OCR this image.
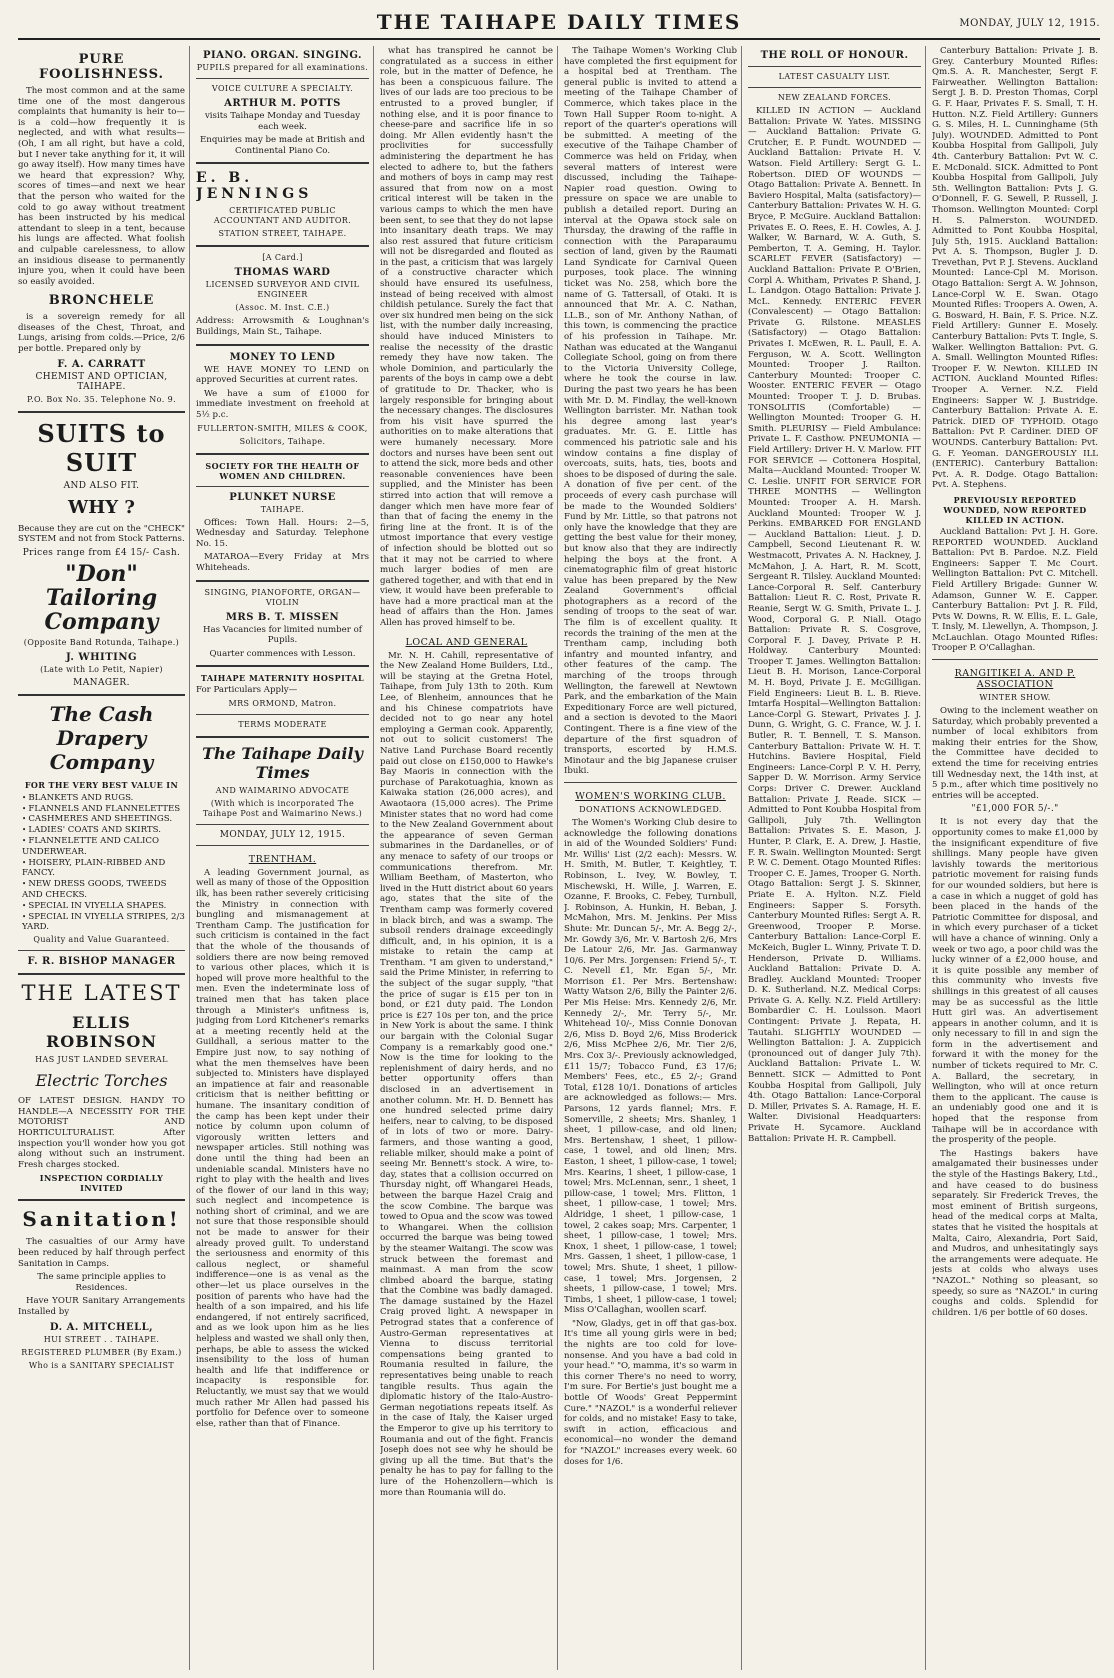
THE TAIHAPE DAILY TIMES	MONDAY, JULY 12, 1915.
PURE FOOLISHNESS.

The most common and at the same time one of the most dangerous complaints that humanity is heir to—is a cold—how frequently it is neglected, and with what results—(Oh, I am all right, but have a cold, but I never take anything for it, it will go away itself). How many times have we heard that expression? Why, scores of times—and next we hear that the person who waited for the cold to go away without treatment has been instructed by his medical attendant to sleep in a tent, because his lungs are affected. What foolish and culpable carelessness, to allow an insidious disease to permanently injure you, when it could have been so easily avoided.

BRONCHELE

is a sovereign remedy for all diseases of the Chest, Throat, and Lungs, arising from colds.—Price, 2/6 per bottle. Prepared only by

F. A. CARRATT
CHEMIST AND OPTICIAN, TAIHAPE.
P.O. Box No. 35. Telephone No. 9.
SUITS to SUIT
AND ALSO FIT.
WHY ?

Because they are cut on the "CHECK" SYSTEM and not from Stock Patterns.

Prices range from £4 15/- Cash.
"Don" Tailoring Company
(Opposite Band Rotunda, Taihape.)
J. WHITING
(Late with Lo Petit, Napier)
MANAGER.
The Cash Drapery Company
FOR THE VERY BEST VALUE IN
• BLANKETS AND RUGS.
• FLANNELS AND FLANNELETTES
• CASHMERES AND SHEETINGS.
• LADIES' COATS AND SKIRTS.
• FLANNELETTE AND CALICO UNDERWEAR.
• HOISERY, PLAIN-RIBBED AND FANCY.
• NEW DRESS GOODS, TWEEDS AND CHECKS.
• SPECIAL IN VIYELLA SHAPES.
• SPECIAL IN VIYELLA STRIPES, 2/3 YARD.
Quality and Value Guaranteed.
F. R. BISHOP MANAGER
THE LATEST
ELLIS ROBINSON
HAS JUST LANDED SEVERAL
Electric Torches

OF LATEST DESIGN. HANDY TO HANDLE—A NECESSITY FOR THE MOTORIST AND HORTICULTURALIST. After inspection you'll wonder how you got along without such an instrument. Fresh charges stocked.

INSPECTION CORDIALLY INVITED
Sanitation!

The casualties of our Army have been reduced by half through perfect Sanitation in Camps.

The same principle applies to Residences.

Have YOUR Sanitary Arrangements Installed by

D. A. MITCHELL,
HUI STREET . . TAIHAPE.
REGISTERED PLUMBER (By Exam.)
Who is a SANITARY SPECIALIST
PIANO. ORGAN. SINGING.
PUPILS prepared for all examinations.
VOICE CULTURE A SPECIALTY.
ARTHUR M. POTTS

visits Taihape Monday and Tuesday each week.

Enquiries may be made at British and Continental Piano Co.

E. B. JENNINGS
CERTIFICATED PUBLIC ACCOUNTANT AND AUDITOR.
STATION STREET, TAIHAPE.
[A Card.]
THOMAS WARD
LICENSED SURVEYOR AND CIVIL ENGINEER
(Assoc. M. Inst. C.E.)

Address: Arrowsmith & Loughnan's Buildings, Main St., Taihape.

MONEY TO LEND

WE HAVE MONEY TO LEND on approved Securities at current rates.

We have a sum of £1000 for immediate investment on freehold at 5½ p.c.

FULLERTON-SMITH, MILES & COOK,
Solicitors, Taihape.
SOCIETY FOR THE HEALTH OF WOMEN AND CHILDREN.
PLUNKET NURSE
TAIHAPE.

Offices: Town Hall. Hours: 2—5, Wednesday and Saturday. Telephone No. 15.

MATAROA—Every Friday at Mrs Whiteheads.

SINGING, PIANOFORTE, ORGAN—VIOLIN
MRS B. T. MISSEN

Has Vacancies for limited number of Pupils.

Quarter commences with Lesson.

TAIHAPE MATERNITY HOSPITAL

For Particulars Apply—

MRS ORMOND, Matron.
TERMS MODERATE
The Taihape Daily Times
AND WAIMARINO ADVOCATE
(With which is incorporated The Taihape Post and Waimarino News.)
MONDAY, JULY 12, 1915.
TRENTHAM.

A leading Government journal, as well as many of those of the Opposition ilk, has been rather severely criticising the Ministry in connection with bungling and mismanagement at Trentham Camp. The justification for such criticism is contained in the fact that the whole of the thousands of soldiers there are now being removed to various other places, which it is hoped will prove more healthful to the men. Even the indeterminate loss of trained men that has taken place through a Minister's unfitness is, judging from Lord Kitchener's remarks at a meeting recently held at the Guildhall, a serious matter to the Empire just now, to say nothing of what the men themselves have been subjected to. Ministers have displayed an impatience at fair and reasonable criticism that is neither befitting or humane. The insanitary condition of the camp has been kept under their notice by column upon column of vigorously written letters and newspaper articles. Still nothing was done until the thing had been an undeniable scandal. Ministers have no right to play with the health and lives of the flower of our land in this way; such neglect and incompetence is nothing short of criminal, and we are not sure that those responsible should not be made to answer for their already proved guilt. To understand the seriousness and enormity of this callous neglect, or shameful indifference—one is as venal as the other—let us place ourselves in the position of parents who have had the health of a son impaired, and his life endangered, if not entirely sacrificed, and as we look upon him as he lies helpless and wasted we shall only then, perhaps, be able to assess the wicked insensibility to the loss of human health and life that indifference or incapacity is responsible for. Reluctantly, we must say that we would much rather Mr Allen had passed his portfolio for Defence over to someone else, rather than that of Finance.

what has transpired he cannot be congratulated as a success in either role, but in the matter of Defence, he has been a conspicuous failure. The lives of our lads are too precious to be entrusted to a proved bungler, if nothing else, and it is poor finance to cheese-pare and sacrifice life in so doing. Mr Allen evidently hasn't the proclivities for successfully administering the department he has elected to adhere to, but the fathers and mothers of boys in camp may rest assured that from now on a most critical interest will be taken in the various camps to which the men have been sent, to see that they do not lapse into insanitary death traps. We may also rest assured that future criticism will not be disregarded and flouted as in the past, a criticism that was largely of a constructive character which should have ensured its usefulness, instead of being received with almost childish petulance. Surely the fact that over six hundred men being on the sick list, with the number daily increasing, should have induced Ministers to realise the necessity of the drastic remedy they have now taken. The whole Dominion, and particularly the parents of the boys in camp owe a debt of gratitude to Dr. Thacker, who is largely responsible for bringing about the necessary changes. The disclosures from his visit have spurred the authorities on to make alterations that were humanely necessary. More doctors and nurses have been sent out to attend the sick, more beds and other reasonable conveniences have been supplied, and the Minister has been stirred into action that will remove a danger which men have more fear of than that of facing the enemy in the firing line at the front. It is of the utmost importance that every vestige of infection should be blotted out so that it may not be carried to where much larger bodies of men are gathered together, and with that end in view, it would have been preferable to have had a more practical man at the head of affairs than the Hon. James Allen has proved himself to be.

LOCAL AND GENERAL

Mr. N. H. Cahill, representative of the New Zealand Home Builders, Ltd., will be staying at the Gretna Hotel, Taihape, from July 13th to 20th. Kum Lee, of Blenheim, announces that he and his Chinese compatriots have decided not to go near any hotel employing a German cook. Apparently, not out to solicit customers! The Native Land Purchase Board recently paid out close on £150,000 to Hawke's Bay Maoris in connection with the purchase of Parakotuaghia, known as Kaiwaka station (26,000 acres), and Awaotaora (15,000 acres). The Prime Minister states that no word had come to the New Zealand Government about the appearance of seven German submarines in the Dardanelles, or of any menace to safety of our troops or communications therefrom. Mr. William Beetham, of Masterton, who lived in the Hutt district about 60 years ago, states that the site of the Trentham camp was formerly covered in black birch, and was a swamp. The subsoil renders drainage exceedingly difficult, and, in his opinion, it is a mistake to retain the camp at Trentham. "I am given to understand," said the Prime Minister, in referring to the subject of the sugar supply, "that the price of sugar is £15 per ton in bond, or £21 duty paid. The London price is £27 10s per ton, and the price in New York is about the same. I think our bargain with the Colonial Sugar Company is a remarkably good one." Now is the time for looking to the replenishment of dairy herds, and no better opportunity offers than disclosed in an advertisement in another column. Mr. H. D. Bennett has one hundred selected prime dairy heifers, near to calving, to be disposed of in lots of two or more. Dairy-farmers, and those wanting a good, reliable milker, should make a point of seeing Mr. Bennett's stock. A wire, to-day, states that a collision occurred on Thursday night, off Whangarei Heads, between the barque Hazel Craig and the scow Combine. The barque was towed to Opua and the scow was towed to Whangarei. When the collision occurred the barque was being towed by the steamer Waitangi. The scow was struck between the foremast and mainmast. A man from the scow climbed aboard the barque, stating that the Combine was badly damaged. The damage sustained by the Hazel Craig proved light. A newspaper in Petrograd states that a conference of Austro-German representatives at Vienna to discuss territorial compensations being granted to Roumania resulted in failure, the representatives being unable to reach tangible results. Thus again the diplomatic history of the Italo-Austro-German negotiations repeats itself. As in the case of Italy, the Kaiser urged the Emperor to give up his territory to Roumania and out of the fight. Francis Joseph does not see why he should be giving up all the time. But that's the penalty he has to pay for falling to the lure of the Hohenzollern—which is more than Roumania will do.

The Taihape Women's Working Club have completed the first equipment for a hospital bed at Trentham. The general public is invited to attend a meeting of the Taihape Chamber of Commerce, which takes place in the Town Hall Supper Room to-night. A report of the quarter's operations will be submitted. A meeting of the executive of the Taihape Chamber of Commerce was held on Friday, when several matters of interest were discussed, including the Taihape-Napier road question. Owing to pressure on space we are unable to publish a detailed report. During an interval at the Opawa stock sale on Thursday, the drawing of the raffle in connection with the Paraparaumu section of land, given by the Raumati Land Syndicate for Carnival Queen purposes, took place. The winning ticket was No. 258, which bore the name of G. Tattersall, of Otaki. It is announced that Mr. A. C. Nathan, LL.B., son of Mr. Anthony Nathan, of this town, is commencing the practice of his profession in Taihape. Mr. Nathan was educated at the Wanganui Collegiate School, going on from there to the Victoria University College, where he took the course in law. During the past two years he has been with Mr. D. M. Findlay, the well-known Wellington barrister. Mr. Nathan took his degree among last year's graduates. Mr. G. E. Little has commenced his patriotic sale and his window contains a fine display of overcoats, suits, hats, ties, boots and shoes to be disposed of during the sale. A donation of five per cent. of the proceeds of every cash purchase will be made to the Wounded Soldiers' Fund by Mr. Little, so that patrons not only have the knowledge that they are getting the best value for their money, but know also that they are indirectly helping the boys at the front. A cinematographic film of great historic value has been prepared by the New Zealand Government's official photographers as a record of the sending of troops to the seat of war. The film is of excellent quality. It records the training of the men at the Trentham camp, including both infantry and mounted infantry, and other features of the camp. The marching of the troops through Wellington, the farewell at Newtown Park, and the embarkation of the Main Expeditionary Force are well pictured, and a section is devoted to the Maori Contingent. There is a fine view of the departure of the first squadron of transports, escorted by H.M.S. Minotaur and the big Japanese cruiser Ibuki.

WOMEN'S WORKING CLUB.
DONATIONS ACKNOWLEDGED.

The Women's Working Club desire to acknowledge the following donations in aid of the Wounded Soldiers' Fund: Mr. Willis' List (2/2 each): Messrs. W. H. Smith, M. Butler, T. Keightley, T. Robinson, L. Ivey, W. Bowley, T. Mischewski, H. Wille, J. Warren, E. Ozanne, F. Brooks, C. Febey, Turnbull, J. Robinson, A. Hunkin, H. Beban, J. McMahon, Mrs. M. Jenkins. Per Miss Shute: Mr. Duncan 5/-, Mr. A. Begg 2/-, Mr. Gowdy 3/6, Mr. V. Bartosh 2/6, Mrs De Latour 2/6, Mr. Jas. Garmanway 10/6. Per Mrs. Jorgensen: Friend 5/-, T. C. Nevell £1, Mr. Egan 5/-, Mr. Morrison £1. Per Mrs. Bertenshaw: Watty Watson 2/6, Billy the Painter 2/6. Per Mis Heise: Mrs. Kennedy 2/6, Mr. Kennedy 2/-, Mr. Terry 5/-, Mr. Whitehead 10/-, Miss Connie Donovan 2/6, Miss D. Boyd 2/6, Miss Broderick 2/6, Miss McPhee 2/6, Mr. Tier 2/6, Mrs. Cox 3/-. Previously acknowledged, £11 15/7; Tobacco Fund, £3 17/6; Members' Fees, etc., £5 2/-; Grand Total, £128 10/1. Donations of articles are acknowledged as follows:— Mrs. Parsons, 12 yards flannel; Mrs. F. Somerville, 2 sheets; Mrs. Shanley, 1 sheet, 1 pillow-case, and old linen; Mrs. Bertenshaw, 1 sheet, 1 pillow-case, 1 towel, and old linen; Mrs. Easton, 1 sheet, 1 pillow-case, 1 towel; Mrs. Kearins, 1 sheet, 1 pillow-case, 1 towel; Mrs. McLennan, senr., 1 sheet, 1 pillow-case, 1 towel; Mrs. Flitton, 1 sheet, 1 pillow-case, 1 towel; Mrs. Aldridge, 1 sheet, 1 pillow-case, 1 towel, 2 cakes soap; Mrs. Carpenter, 1 sheet, 1 pillow-case, 1 towel; Mrs. Knox, 1 sheet, 1 pillow-case, 1 towel; Mrs. Gassen, 1 sheet, 1 pillow-case, 1 towel; Mrs. Shute, 1 sheet, 1 pillow-case, 1 towel; Mrs. Jorgensen, 2 sheets, 1 pillow-case, 1 towel; Mrs. Timbs, 1 sheet, 1 pillow-case, 1 towel; Miss O'Callaghan, woollen scarf.

"Now, Gladys, get in off that gas-box. It's time all young girls were in bed; the nights are too cold for love-nonsense. And you have a bad cold in your head." "O, mamma, it's so warm in this corner There's no need to worry, I'm sure. For Bertie's just bought me a bottle Of Woods' Great Peppermint Cure." "NAZOL" is a wonderful reliever for colds, and no mistake! Easy to take, swift in action, efficacious and economical—no wonder the demand for "NAZOL" increases every week. 60 doses for 1/6.

THE ROLL OF HONOUR.
LATEST CASUALTY LIST.
NEW ZEALAND FORCES.

KILLED IN ACTION — Auckland Battalion: Private W. Yates. MISSING — Auckland Battalion: Private G. Crutcher, E. P. Fundt. WOUNDED — Auckland Battalion: Private H. V. Watson. Field Artillery: Sergt G. L. Robertson. DIED OF WOUNDS — Otago Battalion: Private A. Bennett. In Baviero Hospital, Malta (satisfactory)—Canterbury Battalion: Privates W. H. G. Bryce, P. McGuire. Auckland Battalion: Privates E. O. Rees, E. H. Cowles, A. J. Walker, W. Barnard, W. A. Guth, S. Pemberton, T. A. Geming, H. Taylor. SCARLET FEVER (Satisfactory) — Auckland Battalion: Private P. O'Brien, Corpl A. Whitham, Privates P. Shand, J. L. Landgon. Otago Battalion: Private J. McL. Kennedy. ENTERIC FEVER (Convalescent) — Otago Battalion: Private G. Rilstone. MEASLES (Satisfactory) — Otago Battalion: Privates I. McEwen, R. L. Paull, E. A. Ferguson, W. A. Scott. Wellington Mounted: Trooper J. Railton. Canterbury Mounted: Trooper C. Wooster. ENTERIC FEVER — Otago Mounted: Trooper T. J. D. Brubas. TONSOLITIS (Comfortable) — Wellington Mounted: Trooper G. H. Smith. PLEURISY — Field Ambulance: Private L. F. Casthow. PNEUMONIA — Field Artillery: Driver H. V. Marlow. FIT FOR SERVICE — Cottonera Hospital, Malta—Auckland Mounted: Trooper W. C. Leslie. UNFIT FOR SERVICE FOR THREE MONTHS — Wellington Mounted: Trooper A. H. Marsh. Auckland Mounted: Trooper W. J. Perkins. EMBARKED FOR ENGLAND — Auckland Battalion: Lieut. J. D. Campbell, Second Lieutenant R. W. Westmacott, Privates A. N. Hackney, J. McMahon, J. A. Hart, R. M. Scott, Sergeant R. Tilsley. Auckland Mounted: Lance-Corporal R. Self. Canterbury Battalion: Lieut R. C. Rost, Private R. Reanie, Sergt W. G. Smith, Private L. J. Wood, Corporal G. P. Niall. Otago Battalion: Private R. S. Cosgrove, Corporal F. J. Davey, Private P. H. Holdway. Canterbury Mounted: Trooper T. James. Wellington Battalion: Lieut B. H. Morison, Lance-Corporal M. H. Boyd, Private J. E. McGilligan. Field Engineers: Lieut B. L. B. Rieve. Imtarfa Hospital—Wellington Battalion: Lance-Corpl G. Stewart, Privates J. J. Dunn, G. Wright, G. C. France, W. J. I. Butler, R. T. Bennell, T. S. Manson. Canterbury Battalion: Private W. H. T. Hutchins. Baviere Hospital, Field Engineers: Lance-Corpl P. V. H. Perry, Sapper D. W. Morrison. Army Service Corps: Driver C. Drewer. Auckland Battalion: Private J. Reade. SICK — Admitted to Pont Koubba Hospital from Gallipoli, July 7th. Wellington Battalion: Privates S. E. Mason, J. Hunter, P. Clark, E. A. Drew, J. Hastie, F. R. Swain. Wellington Mounted: Sergt P. W. C. Dement. Otago Mounted Rifles: Trooper C. E. James, Trooper G. North. Otago Battalion: Sergt J. S. Skinner, Priate E. A. Hylton. N.Z. Field Engineers: Sapper S. Forsyth. Canterbury Mounted Rifles: Sergt A. R. Greenwood, Trooper P. Morse. Canterbury Battalion: Lance-Corpl E. McKeich, Bugler L. Winny, Private T. D. Henderson, Private D. Williams. Auckland Battalion: Private D. A. Bradley. Auckland Mounted: Trooper D. K. Sutherland. N.Z. Medical Corps: Private G. A. Kelly. N.Z. Field Artillery: Bombardier C. H. Loulsson. Maori Contingent: Private J. Repata, H. Tautahi. SLIGHTLY WOUNDED — Wellington Battalion: J. A. Zuppicich (pronounced out of danger July 7th). Auckland Battalion: Private L. W. Bennett. SICK — Admitted to Pont Koubba Hospital from Gallipoli, July 4th. Otago Battalion: Lance-Corporal D. Miller, Privates S. A. Ramage, H. E. Walter. Divisional Headquarters: Private H. Sycamore. Auckland Battalion: Private H. R. Campbell.

Canterbury Battalion: Private J. B. Grey. Canterbury Mounted Rifles: Qm.S. A. R. Manchester, Sergt F. Fairweather. Wellington Battalion: Sergt J. B. D. Preston Thomas, Corpl G. F. Haar, Privates F. S. Small, T. H. Hutton. N.Z. Field Artillery: Gunners G. S. Miles, H. L. Cunninghame (5th July). WOUNDED. Admitted to Pont Koubba Hospital from Gallipoli, July 4th. Canterbury Battalion: Pvt W. C. E. McDonald. SICK. Admitted to Pont Koubba Hospital from Gallipoli, July 5th. Wellington Battalion: Pvts J. G. O'Donnell, F. G. Sewell, P. Russell, J. Thomson. Wellington Mounted: Corpl H. S. Palmerston. WOUNDED. Admitted to Pont Koubba Hospital, July 5th, 1915. Auckland Battalion: Pvt A. S. Thompson, Bugler J. D. Trevethan, Pvt P. J. Stevens. Auckland Mounted: Lance-Cpl M. Morison. Otago Battalion: Sergt A. W. Johnson, Lance-Corpl W. E. Swan. Otago Mounted Rifles: Troopers A. Owen, A. G. Bosward, H. Bain, F. S. Price. N.Z. Field Artillery: Gunner E. Mosely. Canterbury Battalion: Pvts T. Ingle, S. Walker. Wellington Battalion: Pvt. G. A. Small. Wellington Mounted Rifles: Trooper F. W. Newton. KILLED IN ACTION. Auckland Mounted Rifles: Trooper A. Verner. N.Z. Field Engineers: Sapper W. J. Bustridge. Canterbury Battalion: Private A. E. Patrick. DIED OF TYPHOID. Otago Battalion: Pvt P. Cardiner. DIED OF WOUNDS. Canterbury Battalion: Pvt. G. F. Yeoman. DANGEROUSLY ILL (ENTERIC). Canterbury Battalion: Pvt. A. R. Dodge. Otago Battalion: Pvt. A. Stephens.

PREVIOUSLY REPORTED WOUNDED, NOW REPORTED KILLED IN ACTION.

Auckland Battalion: Pvt J. H. Gore. REPORTED WOUNDED. Auckland Battalion: Pvt B. Pardoe. N.Z. Field Engineers: Sapper T. Mc Court. Wellington Battalion: Pvt C. Mitchell. Field Artillery Brigade: Gunner W. Adamson, Gunner W. E. Capper. Canterbury Battalion: Pvt J. R. Fild, Pvts W. Downs, R. W. Ellis, E. L. Gale, T. Insly, M. Llewellyn, A. Thompson, J. McLauchlan. Otago Mounted Rifles: Trooper P. O'Callaghan.

RANGITIKEI A. AND P. ASSOCIATION
WINTER SHOW.

Owing to the inclement weather on Saturday, which probably prevented a number of local exhibitors from making their entries for the Show, the Committee have decided to extend the time for receiving entries till Wednesday next, the 14th inst, at 5 p.m., after which time positively no entries will be accepted.

"£1,000 FOR 5/-."

It is not every day that the opportunity comes to make £1,000 by the insignificant expenditure of five shillings. Many people have given lavishly towards the meritorious patriotic movement for raising funds for our wounded soldiers, but here is a case in which a nugget of gold has been placed in the hands of the Patriotic Committee for disposal, and in which every purchaser of a ticket will have a chance of winning. Only a week or two ago, a poor child was the lucky winner of a £2,000 house, and it is quite possible any member of this community who invests five shillings in this greatest of all causes may be as successful as the little Hutt girl was. An advertisement appears in another column, and it is only necessary to fill in and sign the form in the advertisement and forward it with the money for the number of tickets required to Mr. C. A. Ballard, the secretary, in Wellington, who will at once return them to the applicant. The cause is an undeniably good one and it is hoped that the response from Taihape will be in accordance with the prosperity of the people.

The Hastings bakers have amalgamated their businesses under the style of the Hastings Bakery, Ltd., and have ceased to do business separately. Sir Frederick Treves, the most eminent of British surgeons, head of the medical corps at Malta, states that he visited the hospitals at Malta, Cairo, Alexandria, Port Said, and Mudros, and unhesitatingly says the arrangements were adequate. He jests at colds who always uses "NAZOL." Nothing so pleasant, so speedy, so sure as "NAZOL" in curing coughs and colds. Splendid for children. 1/6 per bottle of 60 doses.
